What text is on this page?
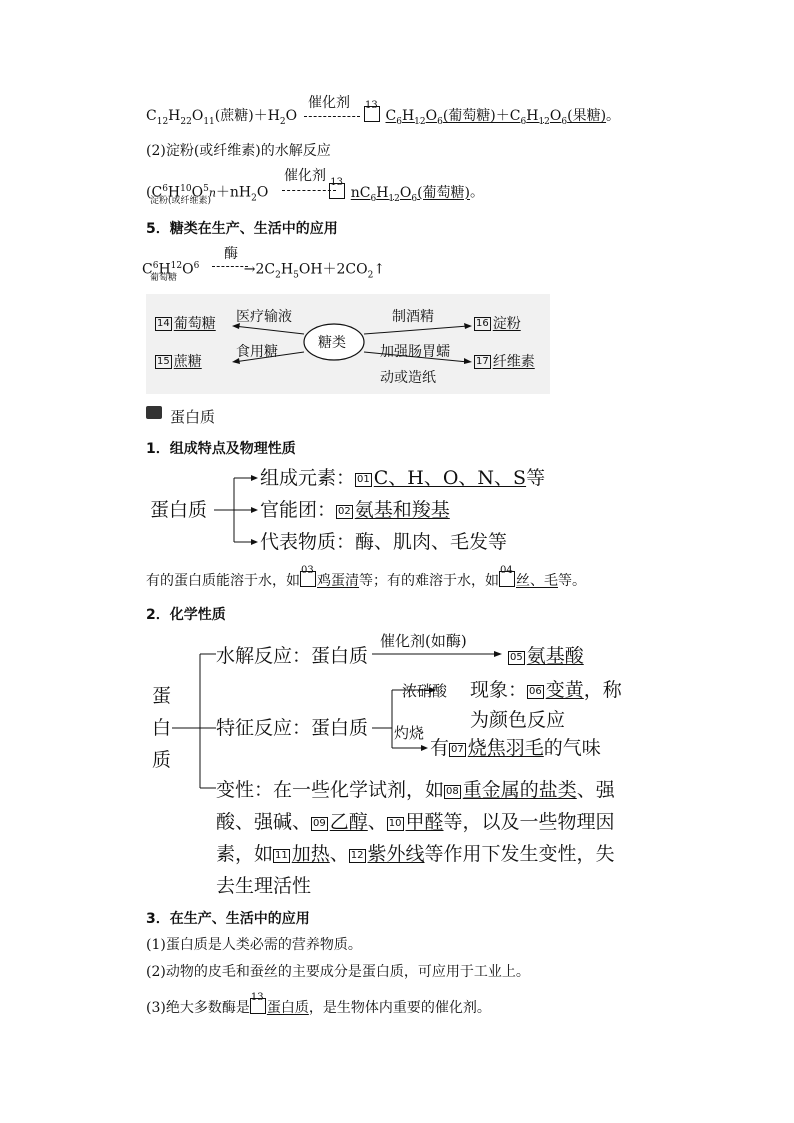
$C_{12}H_{22}O_{11}$(蔗糖)$+H_2O$
13
$C_6H_{12}O_6$(葡萄糖)$+C_6H_{12}O_6$(果糖)。
催化剂
(2)淀粉(或纤维素)的水解反应
($C^6H^{10}O^5n+nH_2O$
13
$nC_6H_{12}O_6$(葡萄糖)。
淀粉(或纤维素)
催化剂
5．糖类在生产、生活中的应用
$C^6H^{12}O^6$	$\to 2C_2H_5OH+2CO_2↑$
葡萄糖
酶
糖类
14 葡萄糖 医疗输液
15 蔗糖
食用糖
制酒精	16 淀粉
加强肠胃蠕
动或造纸
17 纤维素
蛋白质
1．组成特点及物理性质
蛋白质
组成元素： 01 C、H、O、N、S等
官能团： 02 氨基和羧基
代表物质：酶、肌肉、毛发等
有的蛋白质能溶于水，如
03
鸡蛋清等；有的难溶于水，如
04
丝、毛等。
2．化学性质
蛋
白
质
水解反应：蛋白质
催化剂(如酶)
05 氨基酸
特征反应：蛋白质
浓硝酸 现象： 06 变黄，称
为颜色反应
灼烧
有 07 烧焦羽毛的气味
变性：在一些化学试剂，如 08 重金属的盐类、强
酸、强碱、 09 乙醇、 10 甲醛等，以及一些物理因
素，如 11 加热、 12 紫外线等作用下发生变性，失
去生理活性
3．在生产、生活中的应用
(1)蛋白质是人类必需的营养物质。
(2)动物的皮毛和蚕丝的主要成分是蛋白质，可应用于工业上。
(3)绝大多数酶是
13
蛋白质，是生物体内重要的催化剂。
